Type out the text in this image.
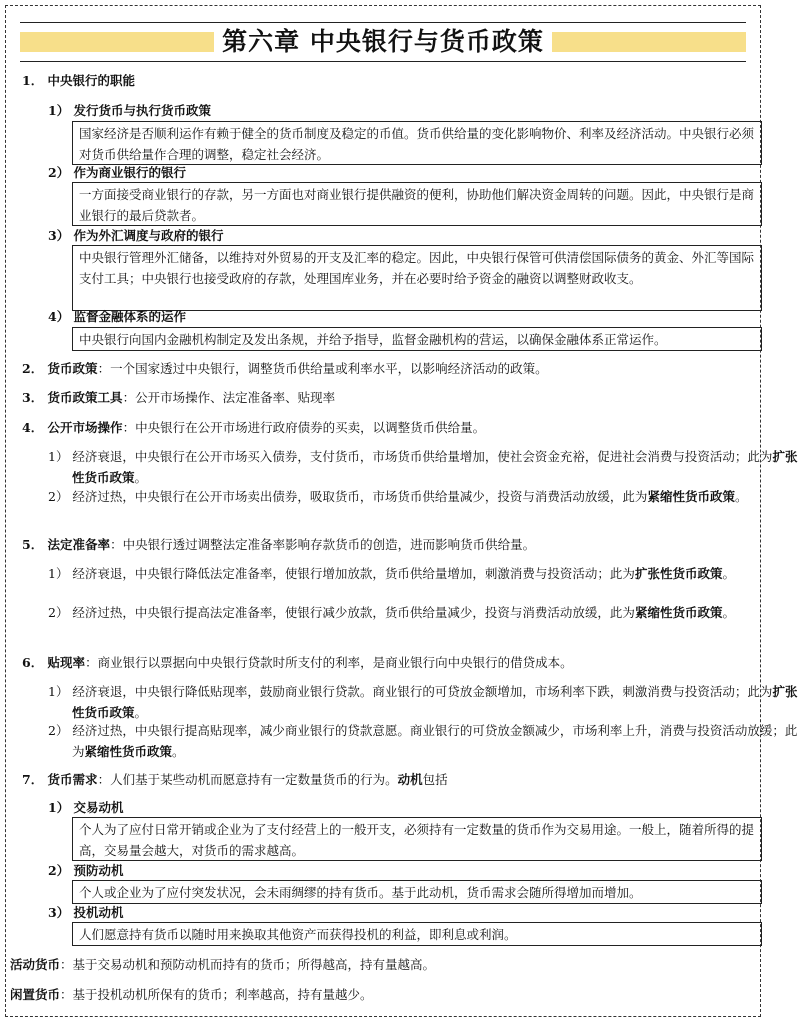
第六章 中央银行与货币政策
1． 中央银行的职能
1） 发行货币与执行货币政策
国家经济是否顺利运作有赖于健全的货币制度及稳定的币值。货币供给量的变化影响物价、利率及经济活动。中央银行必须对货币供给量作合理的调整，稳定社会经济。
2） 作为商业银行的银行
一方面接受商业银行的存款，另一方面也对商业银行提供融资的便利，协助他们解决资金周转的问题。因此，中央银行是商业银行的最后贷款者。
3） 作为外汇调度与政府的银行
中央银行管理外汇储备，以维持对外贸易的开支及汇率的稳定。因此，中央银行保管可供清偿国际债务的黄金、外汇等国际支付工具；中央银行也接受政府的存款，处理国库业务，并在必要时给予资金的融资以调整财政收支。
4） 监督金融体系的运作
中央银行向国内金融机构制定及发出条规，并给予指导，监督金融机构的营运，以确保金融体系正常运作。
2． 货币政策：一个国家透过中央银行，调整货币供给量或利率水平，以影响经济活动的政策。
3． 货币政策工具：公开市场操作、法定准备率、贴现率
4． 公开市场操作：中央银行在公开市场进行政府债券的买卖，以调整货币供给量。
1） 经济衰退，中央银行在公开市场买入债券，支付货币，市场货币供给量增加，使社会资金充裕，促进社会消费与投资活动；此为扩张性货币政策。
2） 经济过热，中央银行在公开市场卖出债券，吸取货币，市场货币供给量减少，投资与消费活动放缓，此为紧缩性货币政策。
5． 法定准备率：中央银行透过调整法定准备率影响存款货币的创造，进而影响货币供给量。
1） 经济衰退，中央银行降低法定准备率，使银行增加放款，货币供给量增加，刺激消费与投资活动；此为扩张性货币政策。
2） 经济过热，中央银行提高法定准备率，使银行减少放款，货币供给量减少，投资与消费活动放缓，此为紧缩性货币政策。
6． 贴现率：商业银行以票据向中央银行贷款时所支付的利率，是商业银行向中央银行的借贷成本。
1） 经济衰退，中央银行降低贴现率，鼓励商业银行贷款。商业银行的可贷放金额增加，市场利率下跌，刺激消费与投资活动；此为扩张性货币政策。
2） 经济过热，中央银行提高贴现率，减少商业银行的贷款意愿。商业银行的可贷放金额减少，市场利率上升，消费与投资活动放缓；此为紧缩性货币政策。
7． 货币需求：人们基于某些动机而愿意持有一定数量货币的行为。动机包括
1） 交易动机
个人为了应付日常开销或企业为了支付经营上的一般开支，必须持有一定数量的货币作为交易用途。一般上，随着所得的提高，交易量会越大，对货币的需求越高。
2） 预防动机
个人或企业为了应付突发状况，会未雨绸缪的持有货币。基于此动机，货币需求会随所得增加而增加。
3） 投机动机
人们愿意持有货币以随时用来换取其他资产而获得投机的利益，即利息或利润。
活动货币：基于交易动机和预防动机而持有的货币；所得越高，持有量越高。
闲置货币：基于投机动机所保有的货币；利率越高，持有量越少。
